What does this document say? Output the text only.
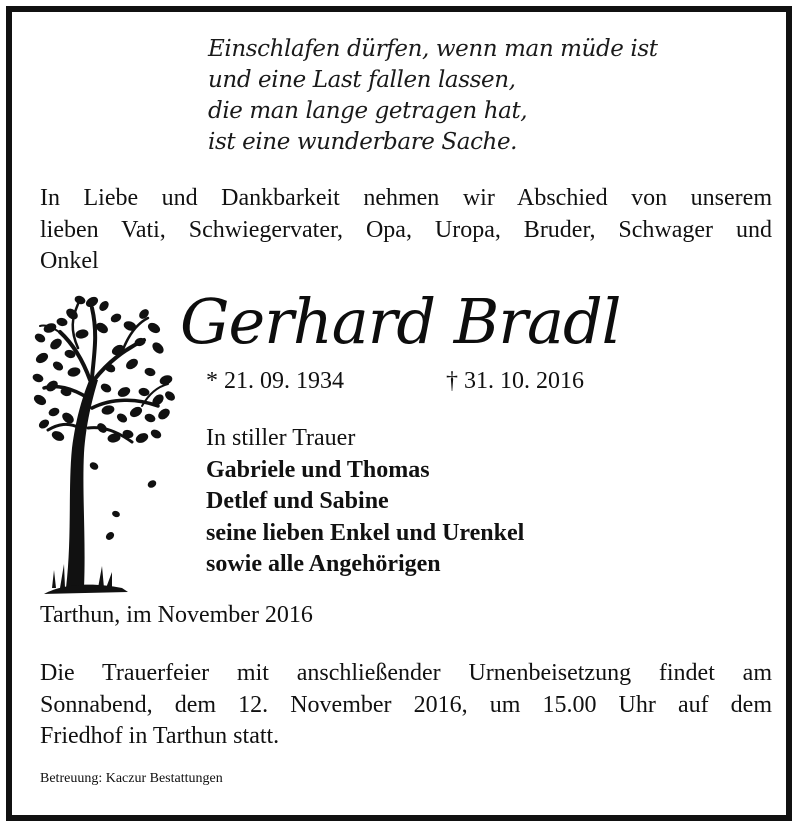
Einschlafen dürfen, wenn man müde ist
und eine Last fallen lassen,
die man lange getragen hat,
ist eine wunderbare Sache.
In Liebe und Dankbarkeit nehmen wir Abschied von unserem
lieben Vati, Schwiegervater, Opa, Uropa, Bruder, Schwager und
Onkel
Gerhard Bradl
* 21. 09. 1934	† 31. 10. 2016
In stiller Trauer
Gabriele und Thomas
Detlef und Sabine
seine lieben Enkel und Urenkel
sowie alle Angehörigen
Tarthun, im November 2016
Die Trauerfeier mit anschließender Urnenbeisetzung findet am
Sonnabend, dem 12. November 2016, um 15.00 Uhr auf dem
Friedhof in Tarthun statt.
Betreuung: Kaczur Bestattungen
